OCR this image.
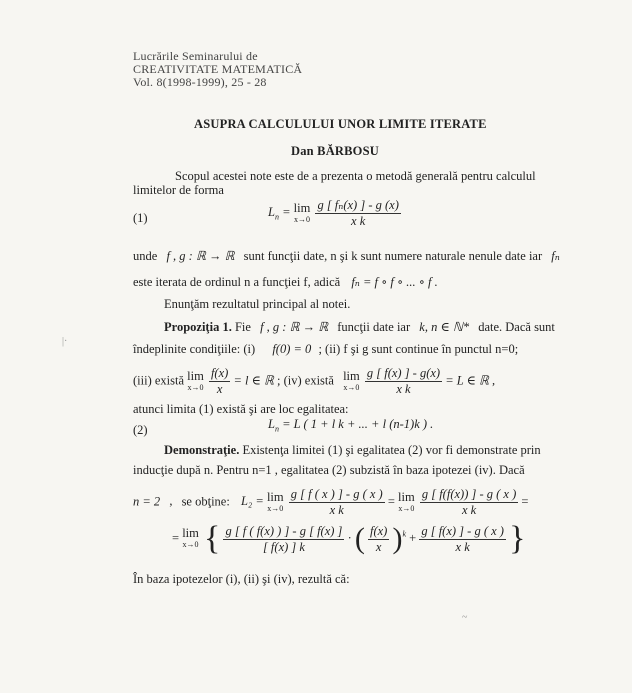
Lucrările Seminarului de
CREATIVITATE MATEMATICĂ
Vol. 8(1998-1999), 25 - 28
ASUPRA CALCULULUI UNOR LIMITE ITERATE
Dan BĂRBOSU
Scopul acestei note este de a prezenta o metodă generală pentru calculul
limitelor de forma
(1)	$L_n = \lim$
x→0
$\frac{\text{g [ fₙ(x) ] - g (x)}}{\text{x k}}$
unde f , g : ℝ → ℝ sunt funcţii date, n şi k sunt numere naturale nenule date iar fₙ
este iterata de ordinul n a funcţiei f, adică fₙ = f ∘ f ∘ ... ∘ f .
Enunţăm rezultatul principal al notei.
Propoziţia 1. Fie f , g : ℝ → ℝ funcţii date iar k, n ∈ ℕ* date. Dacă sunt
îndeplinite condiţiile: (i) f(0) = 0 ; (ii) f şi g sunt continue în punctul n=0;
(iii) există lim
x→0
$\frac{f(x)}{x} = l$ ∈ ℝ ; (iv) există lim
x→0
$\frac{g [ f(x) ] - g(x)}{\text{x k}} = L$ ∈ ℝ ,
atunci limita (1) există şi are loc egalitatea:
(2)	$L_n = L$ ( 1 + l k + ... + l (n-1)k ) .
Demonstraţie. Existenţa limitei (1) şi egalitatea (2) vor fi demonstrate prin
inducţie după n. Pentru n=1 , egalitatea (2) subzistă în baza ipotezei (iv). Dacă
n = 2 , se obţine: L₂ = lim
x→0
$\frac{g [ f ( x ) ] - g ( x )}{\text{x k}} = \lim$
x→0
$\frac{g [ f(f(x)) ] - g ( x )}{\text{x k}}$ =
= lim
x→0 { $\frac{g [ f ( f(x) ) ] - g [ f(x) ]}{[ f(x) ] k}$ · ( $\frac{f(x)}{x} )^k + \frac{g [ f(x) ] - g ( x )}{\text{x k}}$ }
În baza ipotezelor (i), (ii) şi (iv), rezultă că:
|·
~
